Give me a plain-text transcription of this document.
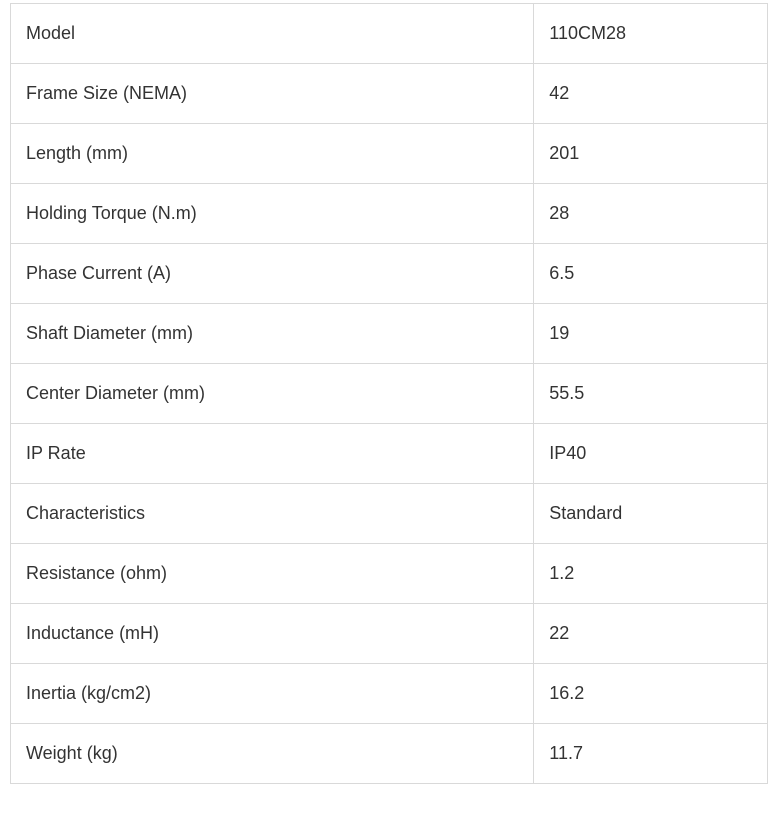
Model	110CM28
Frame Size (NEMA)	42
Length (mm)	201
Holding Torque (N.m)	28
Phase Current (A)	6.5
Shaft Diameter (mm)	19
Center Diameter (mm)	55.5
IP Rate	IP40
Characteristics	Standard
Resistance (ohm)	1.2
Inductance (mH)	22
Inertia (kg/cm2)	16.2
Weight (kg)	11.7
